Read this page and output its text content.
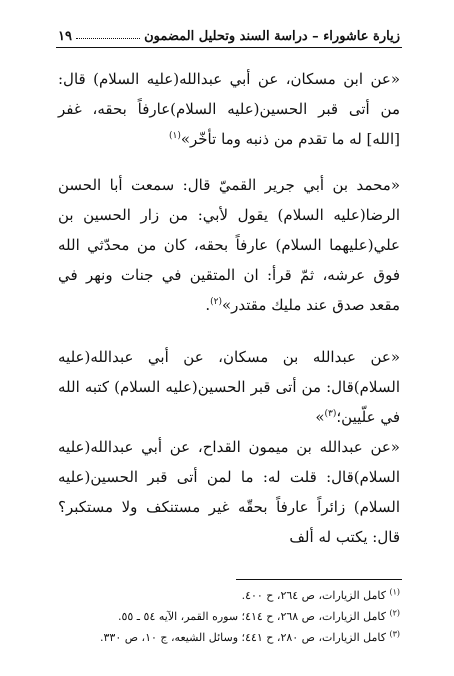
زيارة عاشوراء – دراسة السند وتحليل المضمون
١٩

«عن ابن مسكان، عن أبي عبدالله(عليه السلام) قال: من أتى قبر الحسين(عليه السلام)عارفاً بحقه، غفر [الله] له ما تقدم من ذنبه وما تأخّر»$^{(١)}$

«محمد بن أبي جرير القميّ قال: سمعت أبا الحسن الرضا(عليه السلام) يقول لأبي: من زار الحسين بن علي(عليهما السلام) عارفاً بحقه، كان من محدّثي الله فوق عرشه، ثمّ قرأ: ان المتقين في جنات ونهر في مقعد صدق عند مليك مقتدر»$^{(٢)}$.

«عن عبدالله بن مسكان، عن أبي عبدالله(عليه السلام)قال: من أتى قبر الحسين(عليه السلام) كتبه الله في علّيين؛$^{(٣)}$»

«عن عبدالله بن ميمون القداح، عن أبي عبدالله(عليه السلام)قال: قلت له: ما لمن أتى قبر الحسين(عليه السلام) زائراً عارفاً بحقّه غير مستنكف ولا مستكبر؟ قال: يكتب له ألف

$^{(١)}$ كامل الزيارات، ص ٢٦٤، ح ٤٠٠.
$^{(٢)}$ كامل الزيارات، ص ٢٦٨، ح ٤١٤؛ سوره القمر، الآيه ٥٤ ـ ٥٥.
$^{(٣)}$ كامل الزيارات، ص ٢٨٠، ح ٤٤١؛ وسائل الشيعه، ج ١٠، ص ٣٣٠.
